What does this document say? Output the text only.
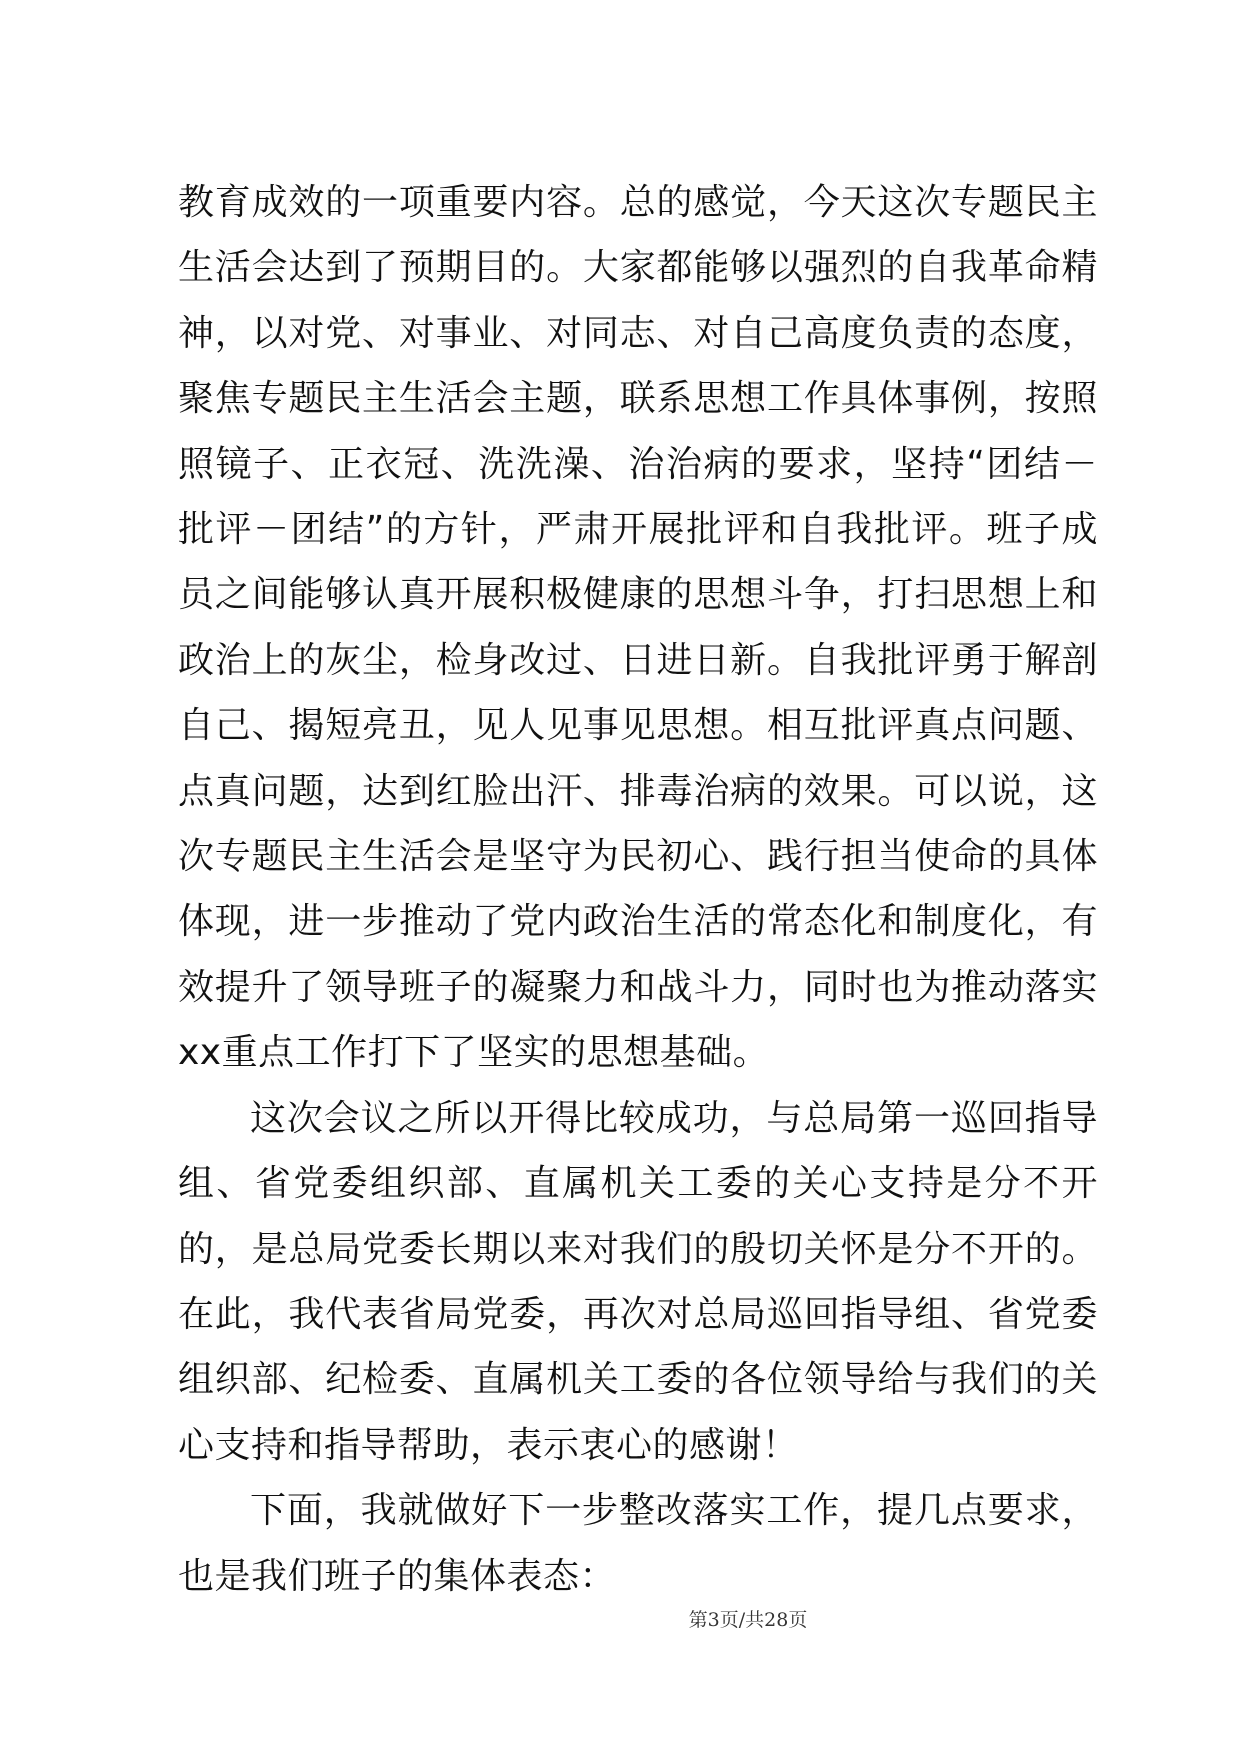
教育成效的一项重要内容。总的感觉，今天这次专题民主生活会达到了预期目的。大家都能够以强烈的自我革命精神，以对党、对事业、对同志、对自己高度负责的态度，聚焦专题民主生活会主题，联系思想工作具体事例，按照照镜子、正衣冠、洗洗澡、治治病的要求，坚持“团结－批评－团结”的方针，严肃开展批评和自我批评。班子成员之间能够认真开展积极健康的思想斗争，打扫思想上和政治上的灰尘，检身改过、日进日新。自我批评勇于解剖自己、揭短亮丑，见人见事见思想。相互批评真点问题、点真问题，达到红脸出汗、排毒治病的效果。可以说，这次专题民主生活会是坚守为民初心、践行担当使命的具体体现，进一步推动了党内政治生活的常态化和制度化，有效提升了领导班子的凝聚力和战斗力，同时也为推动落实xx重点工作打下了坚实的思想基础。

这次会议之所以开得比较成功，与总局第一巡回指导组、省党委组织部、直属机关工委的关心支持是分不开的，是总局党委长期以来对我们的殷切关怀是分不开的。在此，我代表省局党委，再次对总局巡回指导组、省党委组织部、纪检委、直属机关工委的各位领导给与我们的关心支持和指导帮助，表示衷心的感谢！

下面，我就做好下一步整改落实工作，提几点要求，也是我们班子的集体表态：

第3页/共28页
